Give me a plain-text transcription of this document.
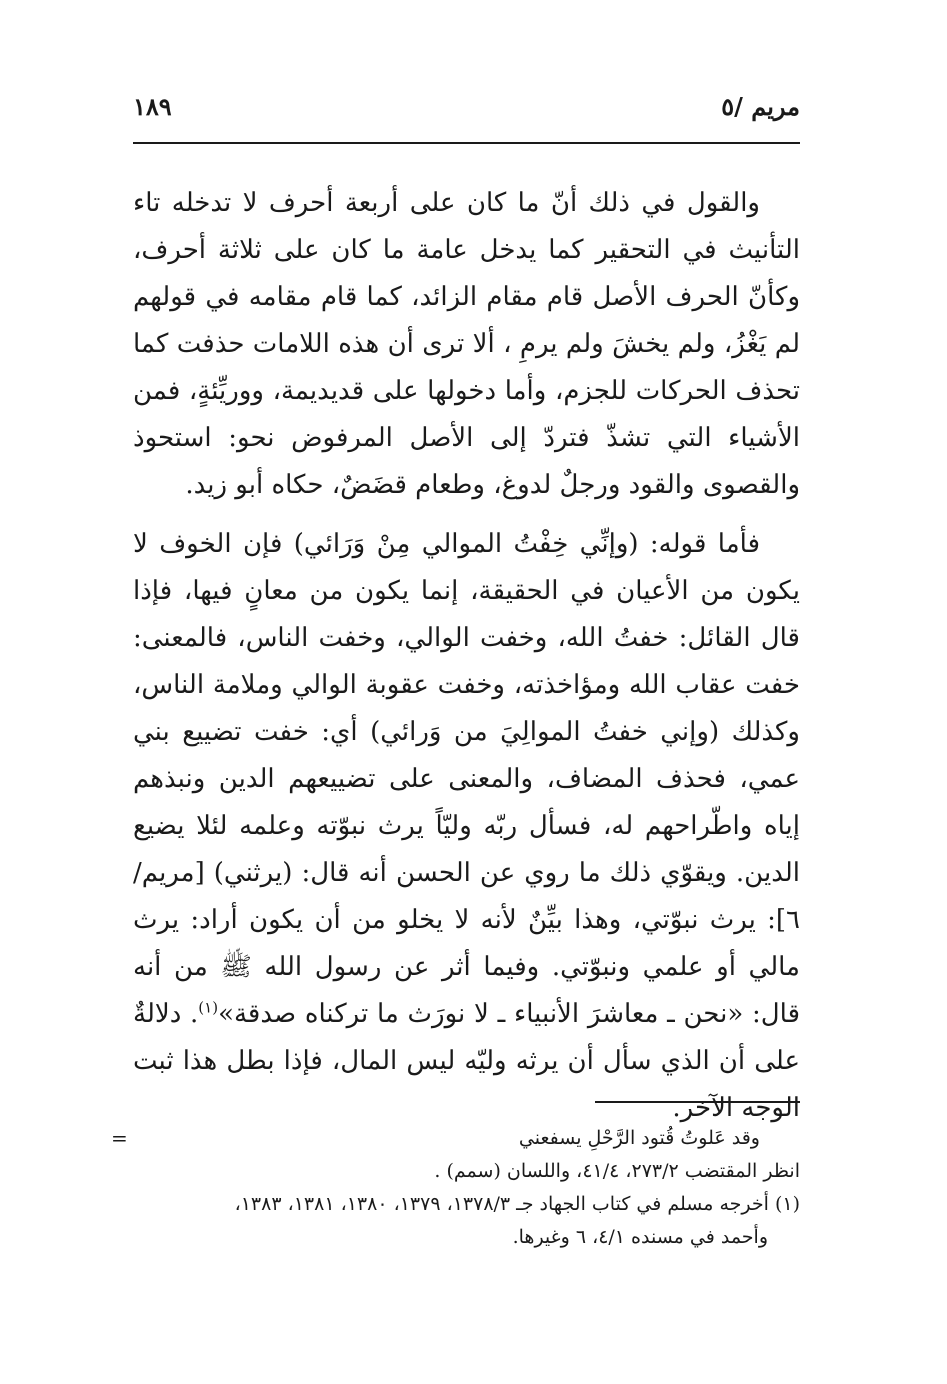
مريم /٥
١٨٩

والقول في ذلك أنّ ما كان على أربعة أحرف لا تدخله تاء التأنيث في التحقير كما يدخل عامة ما كان على ثلاثة أحرف، وكأنّ الحرف الأصل قام مقام الزائد، كما قام مقامه في قولهم لم يَغْزُ، ولم يخشَ ولم يرمِ ، ألا ترى أن هذه اللامات حذفت كما تحذف الحركات للجزم، وأما دخولها على قديديمة، ووريِّئةٍ، فمن الأشياء التي تشذّ فتردّ إلى الأصل المرفوض نحو: استحوذ والقصوى والقود ورجلٌ لدوغ، وطعام قضَضٌ، حكاه أبو زيد.

فأما قوله: (وإنِّي خِفْتُ الموالي مِنْ وَرَائي) فإن الخوف لا يكون من الأعيان في الحقيقة، إنما يكون من معانٍ فيها، فإذا قال القائل: خفتُ الله، وخفت الوالي، وخفت الناس، فالمعنى: خفت عقاب الله ومؤاخذته، وخفت عقوبة الوالي وملامة الناس، وكذلك (وإني خفتُ الموالِيَ من وَرائي) أي: خفت تضييع بني عمي، فحذف المضاف، والمعنى على تضييعهم الدين ونبذهم إياه واطّراحهم له، فسأل ربّه وليّاً يرث نبوّته وعلمه لئلا يضيع الدين. ويقوّي ذلك ما روي عن الحسن أنه قال: (يرثني) [مريم/٦]: يرث نبوّتي، وهذا بيِّنٌ لأنه لا يخلو من أن يكون أراد: يرث مالي أو علمي ونبوّتي. وفيما أثر عن رسول الله ﷺ من أنه قال: «نحن ـ معاشرَ الأنبياء ـ لا نورَث ما تركناه صدقة»$^{(١)}$. دلالةٌ على أن الذي سأل أن يرثه وليّه ليس المال، فإذا بطل هذا ثبت الوجه الآخر.

=	وقد عَلوتُ قُتود الرَّحْلِ يسفعني

انظر المقتضب ٢٧٣/٢، ٤١/٤، واللسان (سمم) .

(١) أخرجه مسلم في كتاب الجهاد جـ ١٣٧٨/٣، ١٣٧٩، ١٣٨٠، ١٣٨١، ١٣٨٣،

وأحمد في مسنده ٤/١، ٦ وغيرها.
